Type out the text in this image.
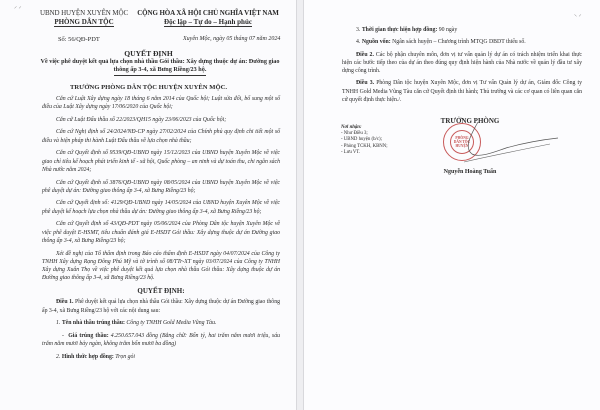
⸝ ⸝
UBND HUYỆN XUYÊN MỘC
PHÒNG DÂN TỘC
CỘNG HÒA XÃ HỘI CHỦ NGHĨA VIỆT NAM
Độc lập – Tự do – Hạnh phúc
Số: 56/QĐ-PDT	Xuyên Mộc, ngày 05 tháng 07 năm 2024
QUYẾT ĐỊNH
Về việc phê duyệt kết quả lựa chọn nhà thầu Gói thầu: Xây dựng thuộc dự án: Đường giao
thông ấp 3-4, xã Bưng Riềng/23 hộ.
TRƯỞNG PHÒNG DÂN TỘC HUYỆN XUYÊN MỘC.

Căn cứ Luật Xây dựng ngày 18 tháng 6 năm 2014 của Quốc hội; Luật sửa đổi, bổ sung một số điều của Luật Xây dựng ngày 17/06/2020 của Quốc hội;

Căn cứ Luật Đấu thầu số 22/2023/QH15 ngày 23/06/2023 của Quốc hội;

Căn cứ Nghị định số 24/2024/NĐ-CP ngày 27/02/2024 của Chính phủ quy định chi tiết một số điều và biện pháp thi hành Luật Đấu thầu về lựa chọn nhà thầu;

Căn cứ Quyết định số 9539/QĐ-UBND ngày 15/12/2023 của UBND huyện Xuyên Mộc về việc giao chỉ tiêu kế hoạch phát triển kinh tế - xã hội, Quốc phòng – an ninh và dự toán thu, chi ngân sách Nhà nước năm 2024;

Căn cứ Quyết định số 3876/QĐ-UBND ngày 08/05/2024 của UBND huyện Xuyên Mộc về việc phê duyệt dự án: Đường giao thông ấp 3-4, xã Bưng Riềng/23 hộ;

Căn cứ Quyết định số: 4129/QĐ-UBND ngày 14/05/2024 của UBND huyện Xuyên Mộc về việc phê duyệt kế hoạch lựa chọn nhà thầu dự án: Đường giao thông ấp 3-4, xã Bưng Riềng/23 hộ;

Căn cứ Quyết định số 43/QĐ-PDT ngày 05/06/2024 của Phòng Dân tộc huyện Xuyên Mộc về việc phê duyệt E-HSMT, tiêu chuẩn đánh giá E-HSDT Gói thầu: Xây dựng thuộc dự án Đường giao thông ấp 3-4, xã Bưng Riềng/23 hộ;

Xét đề nghị của Tổ thẩm định trong Báo cáo thẩm định E-HSDT ngày 04/07/2024 của Công ty TNHH Xây dựng Rạng Đông Phú Mỹ và tờ trình số 08/TTr-XT ngày 03/07/2024 của Công ty TNHH Xây dựng Xuân Thọ về việc phê duyệt kết quả lựa chọn nhà thầu Gói thầu: Xây dựng thuộc dự án Đường giao thông ấp 3-4, xã Bưng Riềng/23 hộ.

QUYẾT ĐỊNH:

Điều 1. Phê duyệt kết quả lựa chọn nhà thầu Gói thầu: Xây dựng thuộc dự án Đường giao thông ấp 3-4, xã Bưng Riềng/23 hộ với các nội dung sau:

1. Tên nhà thầu trúng thầu: Công ty TNHH Gold Media Vũng Tàu.

- Giá trúng thầu: 4.250.657.043 đồng (Bằng chữ: Bốn tỷ, hai trăm năm mươi triệu, sáu trăm năm mươi bảy ngàn, không trăm bốn mươi ba đồng)

2. Hình thức hợp đồng: Trọn gói

⸜ ⸝

3. Thời gian thực hiện hợp đồng: 90 ngày

4. Nguồn vốn: Ngân sách huyện – Chương trình MTQG DBDT thiểu số.

Điều 2. Các bộ phận chuyên môn, đơn vị tư vấn quản lý dự án có trách nhiệm triển khai thực hiện các bước tiếp theo của dự án theo đúng quy định hiện hành của Nhà nước về quản lý đầu tư xây dựng công trình.

Điều 3. Phòng Dân tộc huyện Xuyên Mộc, đơn vị Tư vấn Quản lý dự án, Giám đốc Công ty TNHH Gold Media Vũng Tàu căn cứ Quyết định thi hành; Thủ trưởng và các cơ quan có liên quan căn cứ quyết định thực hiện./.

Nơi nhận:
- Như Điều 3;
- UBND huyện (b/c);
- Phòng TCKH, KBNN;
- Lưu VT.
PHÒNG
DÂN TỘC
HUYỆN
TRƯỞNG PHÒNG
Nguyễn Hoàng Tuấn
